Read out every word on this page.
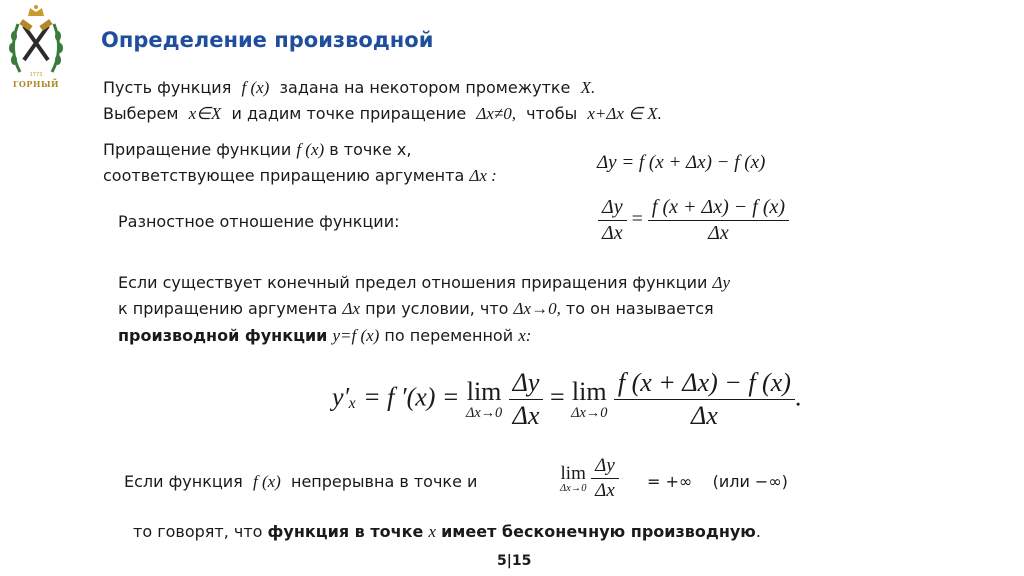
1773
ГОРНЫЙ
Определение производной
Пусть функция f (x) задана на некотором промежутке X.
Выберем x∈X и дадим точке приращение Δx≠0, чтобы x+Δx ∈ X.
Приращение функции f (x) в точке x,
соответствующее приращению аргумента Δx :
Δy = f (x + Δx) − f (x)
Разностное отношение функции:	$\frac{\Delta y}{\Delta x} = \frac{f (x + \Delta x) - f (x)}{\Delta x}$
Если существует конечный предел отношения приращения функции Δy
к приращению аргумента Δx при условии, что Δx→0, то он называется
производной функции y=f (x) по переменной x:
y′ₓ = f ′(x) = lim
Δx→0
$\frac{\Delta y}{\Delta x} = \lim$
Δx→0
$\frac{f (x + \Delta x) - f (x)}{\Delta x}$ .
Если функция f (x) непрерывна в точке и	lim
Δx→0
$\frac{\Delta y}{\Delta x}$ = +∞ (или −∞)
то говорят, что функция в точке x имеет бесконечную производную.
5|15
